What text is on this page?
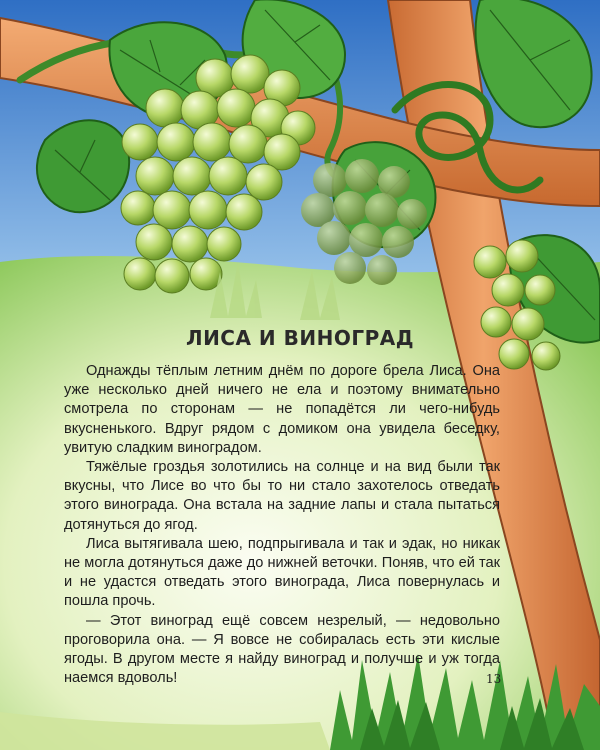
ЛИСА И ВИНОГРАД

Однажды тёплым летним днём по дороге брела Лиса. Она уже несколько дней ничего не ела и поэтому внимательно смотрела по сторонам — не попадётся ли чего-нибудь вкусненького. Вдруг рядом с домиком она увидела беседку, увитую сладким виноградом.

Тяжёлые гроздья золотились на солнце и на вид были так вкусны, что Лисе во что бы то ни стало захотелось отведать этого винограда. Она встала на задние лапы и стала пытаться дотянуться до ягод.

Лиса вытягивала шею, подпрыгивала и так и эдак, но никак не могла дотянуться даже до нижней веточки. Поняв, что ей так и не удастся отведать этого винограда, Лиса повернулась и пошла прочь.

— Этот виноград ещё совсем незрелый, — недовольно проговорила она. — Я вовсе не собиралась есть эти кислые ягоды. В другом месте я найду виноград и получше и уж тогда наемся вдоволь!	13
